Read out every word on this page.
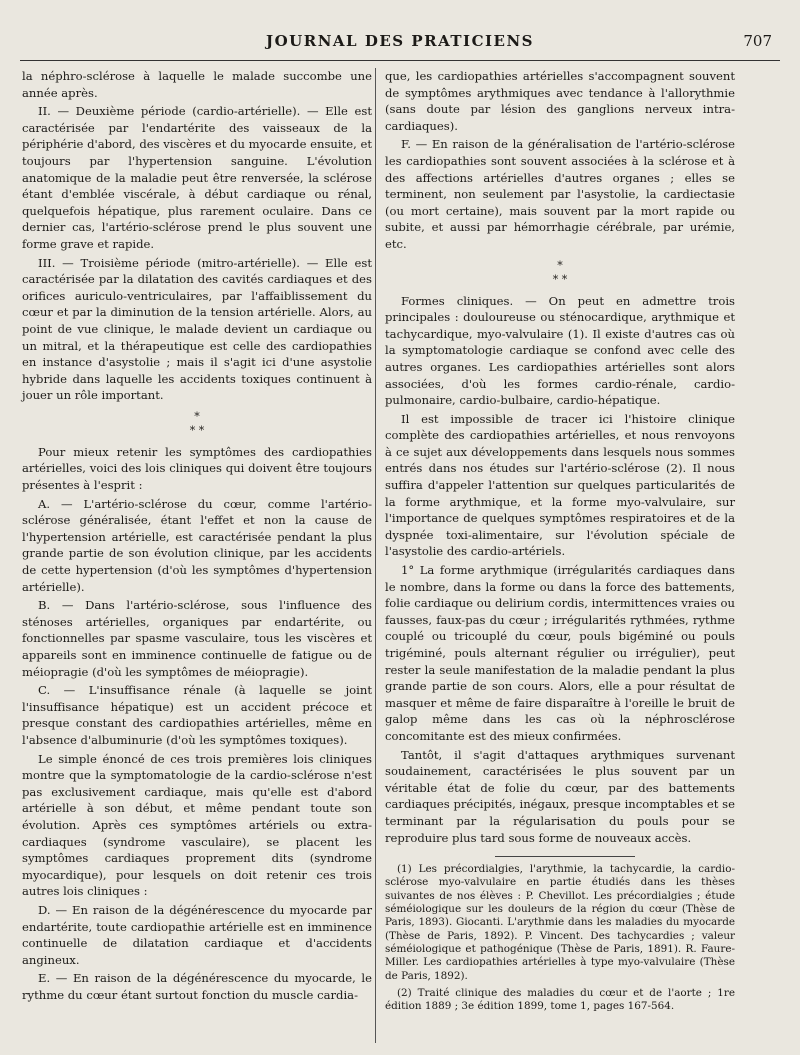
JOURNAL DES PRATICIENS	707

la néphro-sclérose à laquelle le malade succombe une année après.

II. — Deuxième période (cardio-artérielle). — Elle est caractérisée par l'endartérite des vaisseaux de la périphérie d'abord, des viscères et du myocarde ensuite, et toujours par l'hypertension sanguine. L'évolution anatomique de la maladie peut être renversée, la sclérose étant d'emblée viscérale, à début cardiaque ou rénal, quelquefois hépatique, plus rarement oculaire. Dans ce dernier cas, l'artério-sclérose prend le plus souvent une forme grave et rapide.

III. — Troisième période (mitro-artérielle). — Elle est caractérisée par la dilatation des cavités cardiaques et des orifices auriculo-ventriculaires, par l'affaiblissement du cœur et par la diminution de la tension artérielle. Alors, au point de vue clinique, le malade devient un cardiaque ou un mitral, et la thérapeutique est celle des cardiopathies en instance d'asystolie ; mais il s'agit ici d'une asystolie hybride dans laquelle les accidents toxiques continuent à jouer un rôle important.

*
* *

Pour mieux retenir les symptômes des cardiopathies artérielles, voici des lois cliniques qui doivent être toujours présentes à l'esprit :

A. — L'artério-sclérose du cœur, comme l'artério-sclérose généralisée, étant l'effet et non la cause de l'hypertension artérielle, est caractérisée pendant la plus grande partie de son évolution clinique, par les accidents de cette hypertension (d'où les symptômes d'hypertension artérielle).

B. — Dans l'artério-sclérose, sous l'influence des sténoses artérielles, organiques par endartérite, ou fonctionnelles par spasme vasculaire, tous les viscères et appareils sont en imminence continuelle de fatigue ou de méiopragie (d'où les symptômes de méiopragie).

C. — L'insuffisance rénale (à laquelle se joint l'insuffisance hépatique) est un accident précoce et presque constant des cardiopathies artérielles, même en l'absence d'albuminurie (d'où les symptômes toxiques).

Le simple énoncé de ces trois premières lois cliniques montre que la symptomatologie de la cardio-sclérose n'est pas exclusivement cardiaque, mais qu'elle est d'abord artérielle à son début, et même pendant toute son évolution. Après ces symptômes artériels ou extra-cardiaques (syndrome vasculaire), se placent les symptômes cardiaques proprement dits (syndrome myocardique), pour lesquels on doit retenir ces trois autres lois cliniques :

D. — En raison de la dégénérescence du myocarde par endartérite, toute cardiopathie artérielle est en imminence continuelle de dilatation cardiaque et d'accidents angineux.

E. — En raison de la dégénérescence du myocarde, le rythme du cœur étant surtout fonction du muscle cardia-

que, les cardiopathies artérielles s'accompagnent souvent de symptômes arythmiques avec tendance à l'allorythmie (sans doute par lésion des ganglions nerveux intra-cardiaques).

F. — En raison de la généralisation de l'artério-sclérose les cardiopathies sont souvent associées à la sclérose et à des affections artérielles d'autres organes ; elles se terminent, non seulement par l'asystolie, la cardiectasie (ou mort certaine), mais souvent par la mort rapide ou subite, et aussi par hémorrhagie cérébrale, par urémie, etc.

*
* *

Formes cliniques. — On peut en admettre trois principales : douloureuse ou sténocardique, arythmique et tachycardique, myo-valvulaire (1). Il existe d'autres cas où la symptomatologie cardiaque se confond avec celle des autres organes. Les cardiopathies artérielles sont alors associées, d'où les formes cardio-rénale, cardio-pulmonaire, cardio-bulbaire, cardio-hépatique.

Il est impossible de tracer ici l'histoire clinique complète des cardiopathies artérielles, et nous renvoyons à ce sujet aux développements dans lesquels nous sommes entrés dans nos études sur l'artério-sclérose (2). Il nous suffira d'appeler l'attention sur quelques particularités de la forme arythmique, et la forme myo-valvulaire, sur l'importance de quelques symptômes respiratoires et de la dyspnée toxi-alimentaire, sur l'évolution spéciale de l'asystolie des cardio-artériels.

1° La forme arythmique (irrégularités cardiaques dans le nombre, dans la forme ou dans la force des battements, folie cardiaque ou delirium cordis, intermittences vraies ou fausses, faux-pas du cœur ; irrégularités rythmées, rythme couplé ou tricouplé du cœur, pouls bigéminé ou pouls trigéminé, pouls alternant régulier ou irrégulier), peut rester la seule manifestation de la maladie pendant la plus grande partie de son cours. Alors, elle a pour résultat de masquer et même de faire disparaître à l'oreille le bruit de galop même dans les cas où la néphrosclérose concomitante est des mieux confirmées.

Tantôt, il s'agit d'attaques arythmiques survenant soudainement, caractérisées le plus souvent par un véritable état de folie du cœur, par des battements cardiaques précipités, inégaux, presque incomptables et se terminant par la régularisation du pouls pour se reproduire plus tard sous forme de nouveaux accès.

(1) Les précordialgies, l'arythmie, la tachycardie, la cardio-sclérose myo-valvulaire en partie étudiés dans les thèses suivantes de nos élèves : P. Chevillot. Les précordialgies ; étude séméiologique sur les douleurs de la région du cœur (Thèse de Paris, 1893). Giocanti. L'arythmie dans les maladies du myocarde (Thèse de Paris, 1892). P. Vincent. Des tachycardies ; valeur séméiologique et pathogénique (Thèse de Paris, 1891). R. Faure-Miller. Les cardiopathies artérielles à type myo-valvulaire (Thèse de Paris, 1892).

(2) Traité clinique des maladies du cœur et de l'aorte ; 1re édition 1889 ; 3e édition 1899, tome 1, pages 167-564.
